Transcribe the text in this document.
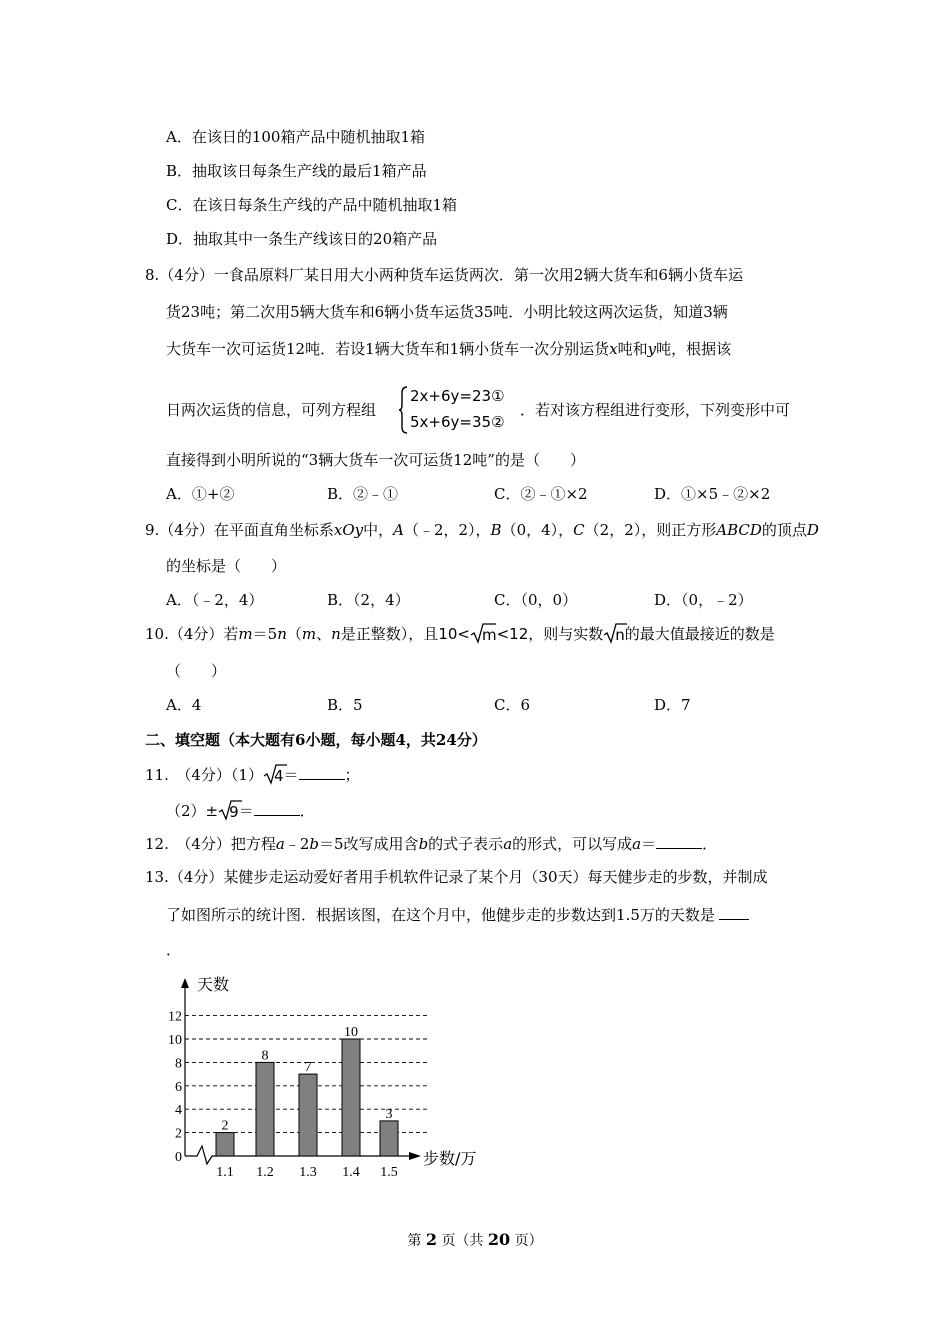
A．在该日的100箱产品中随机抽取1箱
B．抽取该日每条生产线的最后1箱产品
C．在该日每条生产线的产品中随机抽取1箱
D．抽取其中一条生产线该日的20箱产品
8.（4分）一食品原料厂某日用大小两种货车运货两次．第一次用2辆大货车和6辆小货车运
货23吨；第二次用5辆大货车和6辆小货车运货35吨．小明比较这两次运货，知道3辆
大货车一次可运货12吨．若设1辆大货车和1辆小货车一次分别运货x吨和y吨，根据该
日两次运货的信息，可列方程组
2x+6y=23①
5x+6y=35②
．若对该方程组进行变形，下列变形中可
直接得到小明所说的“3辆大货车一次可运货12吨”的是（　　）
A．①+②	B．②﹣①	C．②﹣①×2	D．①×5﹣②×2
9.（4分）在平面直角坐标系xOy中，A（﹣2，2），B（0，4），C（2，2），则正方形ABCD的顶点D
的坐标是（　　）
A．（﹣2，4）	B．（2，4）	C．（0，0）	D．（0，﹣2）
10.（4分）若m＝5n（m、n是正整数），且10< m<12，则与实数 n的最大值最接近的数是
（　　）
A．4	B．5	C．6	D．7
二、填空题（本大题有6小题，每小题4，共24分）
11.　（4分）（1） 4＝	；
（2）± 9＝	．
12.　（4分）把方程a﹣2b＝5改写成用含b的式子表示a的形式，可以写成a＝	．
13.（4分）某健步走运动爱好者用手机软件记录了某个月（30天）每天健步走的步数，并制成
了如图所示的统计图．根据该图，在这个月中，他健步走的步数达到1.5万的天数是
．
0
2
4
6
8
10
12
天数
步数/万
2
1.1
8
1.2
7
1.3
10
1.4
3
1.5
第 2 页（共 20 页）
